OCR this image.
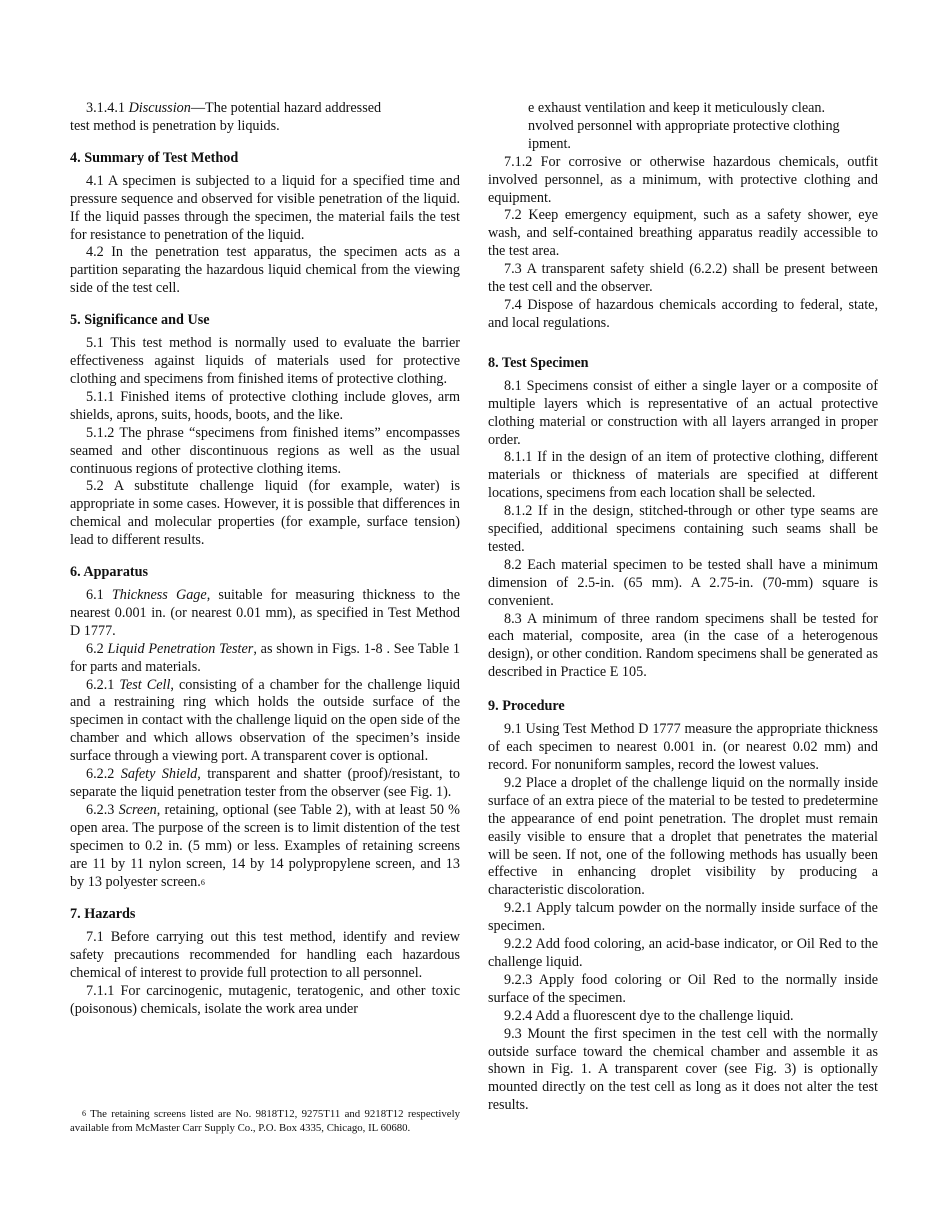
3.1.4.1 Discussion—The potential hazard addressed

test method is penetration by liquids.

4. Summary of Test Method

4.1 A specimen is subjected to a liquid for a specified time and pressure sequence and observed for visible penetration of the liquid. If the liquid passes through the specimen, the material fails the test for resistance to penetration of the liquid.

4.2 In the penetration test apparatus, the specimen acts as a partition separating the hazardous liquid chemical from the viewing side of the test cell.

5. Significance and Use

5.1 This test method is normally used to evaluate the barrier effectiveness against liquids of materials used for protective clothing and specimens from finished items of protective clothing.

5.1.1 Finished items of protective clothing include gloves, arm shields, aprons, suits, hoods, boots, and the like.

5.1.2 The phrase “specimens from finished items” encompasses seamed and other discontinuous regions as well as the usual continuous regions of protective clothing items.

5.2 A substitute challenge liquid (for example, water) is appropriate in some cases. However, it is possible that differences in chemical and molecular properties (for example, surface tension) lead to different results.

6. Apparatus

6.1 Thickness Gage, suitable for measuring thickness to the nearest 0.001 in. (or nearest 0.01 mm), as specified in Test Method D 1777.

6.2 Liquid Penetration Tester, as shown in Figs. 1-8 . See Table 1 for parts and materials.

6.2.1 Test Cell, consisting of a chamber for the challenge liquid and a restraining ring which holds the outside surface of the specimen in contact with the challenge liquid on the open side of the chamber and which allows observation of the specimen’s inside surface through a viewing port. A transparent cover is optional.

6.2.2 Safety Shield, transparent and shatter (proof)/resistant, to separate the liquid penetration tester from the observer (see Fig. 1).

6.2.3 Screen, retaining, optional (see Table 2), with at least 50 % open area. The purpose of the screen is to limit distention of the test specimen to 0.2 in. (5 mm) or less. Examples of retaining screens are 11 by 11 nylon screen, 14 by 14 polypropylene screen, and 13 by 13 polyester screen.$^6$

7. Hazards

7.1 Before carrying out this test method, identify and review safety precautions recommended for handling each hazardous chemical of interest to provide full protection to all personnel.

7.1.1 For carcinogenic, mutagenic, teratogenic, and other toxic (poisonous) chemicals, isolate the work area under

$^6$ The retaining screens listed are No. 9818T12, 9275T11 and 9218T12 respectively available from McMaster Carr Supply Co., P.O. Box 4335, Chicago, IL 60680.

e exhaust ventilation and keep it meticulously clean.

nvolved personnel with appropriate protective clothing

ipment.

7.1.2 For corrosive or otherwise hazardous chemicals, outfit involved personnel, as a minimum, with protective clothing and equipment.

7.2 Keep emergency equipment, such as a safety shower, eye wash, and self-contained breathing apparatus readily accessible to the test area.

7.3 A transparent safety shield (6.2.2) shall be present between the test cell and the observer.

7.4 Dispose of hazardous chemicals according to federal, state, and local regulations.

8. Test Specimen

8.1 Specimens consist of either a single layer or a composite of multiple layers which is representative of an actual protective clothing material or construction with all layers arranged in proper order.

8.1.1 If in the design of an item of protective clothing, different materials or thickness of materials are specified at different locations, specimens from each location shall be selected.

8.1.2 If in the design, stitched-through or other type seams are specified, additional specimens containing such seams shall be tested.

8.2 Each material specimen to be tested shall have a minimum dimension of 2.5-in. (65 mm). A 2.75-in. (70-mm) square is convenient.

8.3 A minimum of three random specimens shall be tested for each material, composite, area (in the case of a heterogenous design), or other condition. Random specimens shall be generated as described in Practice E 105.

9. Procedure

9.1 Using Test Method D 1777 measure the appropriate thickness of each specimen to nearest 0.001 in. (or nearest 0.02 mm) and record. For nonuniform samples, record the lowest values.

9.2 Place a droplet of the challenge liquid on the normally inside surface of an extra piece of the material to be tested to predetermine the appearance of end point penetration. The droplet must remain easily visible to ensure that a droplet that penetrates the material will be seen. If not, one of the following methods has usually been effective in enhancing droplet visibility by producing a characteristic discoloration.

9.2.1 Apply talcum powder on the normally inside surface of the specimen.

9.2.2 Add food coloring, an acid-base indicator, or Oil Red to the challenge liquid.

9.2.3 Apply food coloring or Oil Red to the normally inside surface of the specimen.

9.2.4 Add a fluorescent dye to the challenge liquid.

9.3 Mount the first specimen in the test cell with the normally outside surface toward the chemical chamber and assemble it as shown in Fig. 1. A transparent cover (see Fig. 3) is optionally mounted directly on the test cell as long as it does not alter the test results.
